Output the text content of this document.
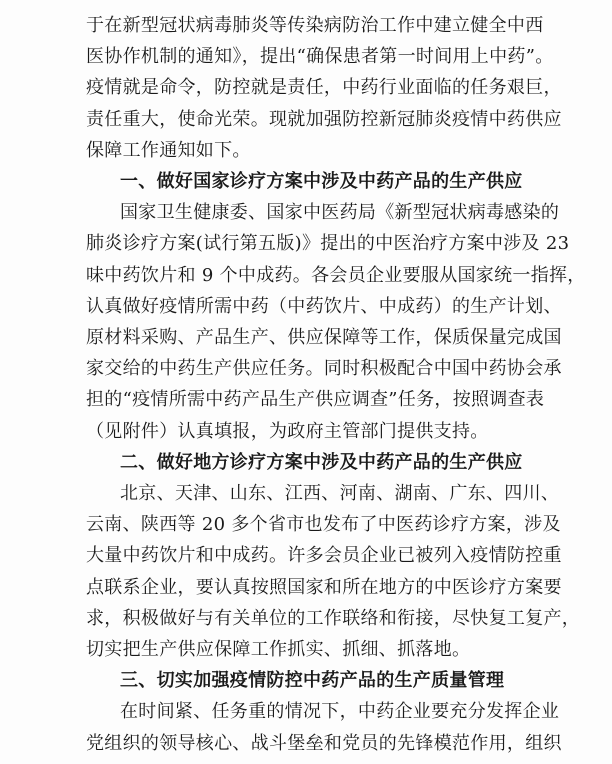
于在新型冠状病毒肺炎等传染病防治工作中建立健全中西
医协作机制的通知》，提出“确保患者第一时间用上中药”。
疫情就是命令，防控就是责任，中药行业面临的任务艰巨，
责任重大，使命光荣。现就加强防控新冠肺炎疫情中药供应
保障工作通知如下。
一、做好国家诊疗方案中涉及中药产品的生产供应
国家卫生健康委、国家中医药局《新型冠状病毒感染的
肺炎诊疗方案(试行第五版)》提出的中医治疗方案中涉及 23
味中药饮片和 9 个中成药。各会员企业要服从国家统一指挥，
认真做好疫情所需中药（中药饮片、中成药）的生产计划、
原材料采购、产品生产、供应保障等工作，保质保量完成国
家交给的中药生产供应任务。同时积极配合中国中药协会承
担的“疫情所需中药产品生产供应调查”任务，按照调查表
（见附件）认真填报，为政府主管部门提供支持。
二、做好地方诊疗方案中涉及中药产品的生产供应
北京、天津、山东、江西、河南、湖南、广东、四川、
云南、陕西等 20 多个省市也发布了中医药诊疗方案，涉及
大量中药饮片和中成药。许多会员企业已被列入疫情防控重
点联系企业，要认真按照国家和所在地方的中医诊疗方案要
求，积极做好与有关单位的工作联络和衔接，尽快复工复产，
切实把生产供应保障工作抓实、抓细、抓落地。
三、切实加强疫情防控中药产品的生产质量管理
在时间紧、任务重的情况下，中药企业要充分发挥企业
党组织的领导核心、战斗堡垒和党员的先锋模范作用，组织
